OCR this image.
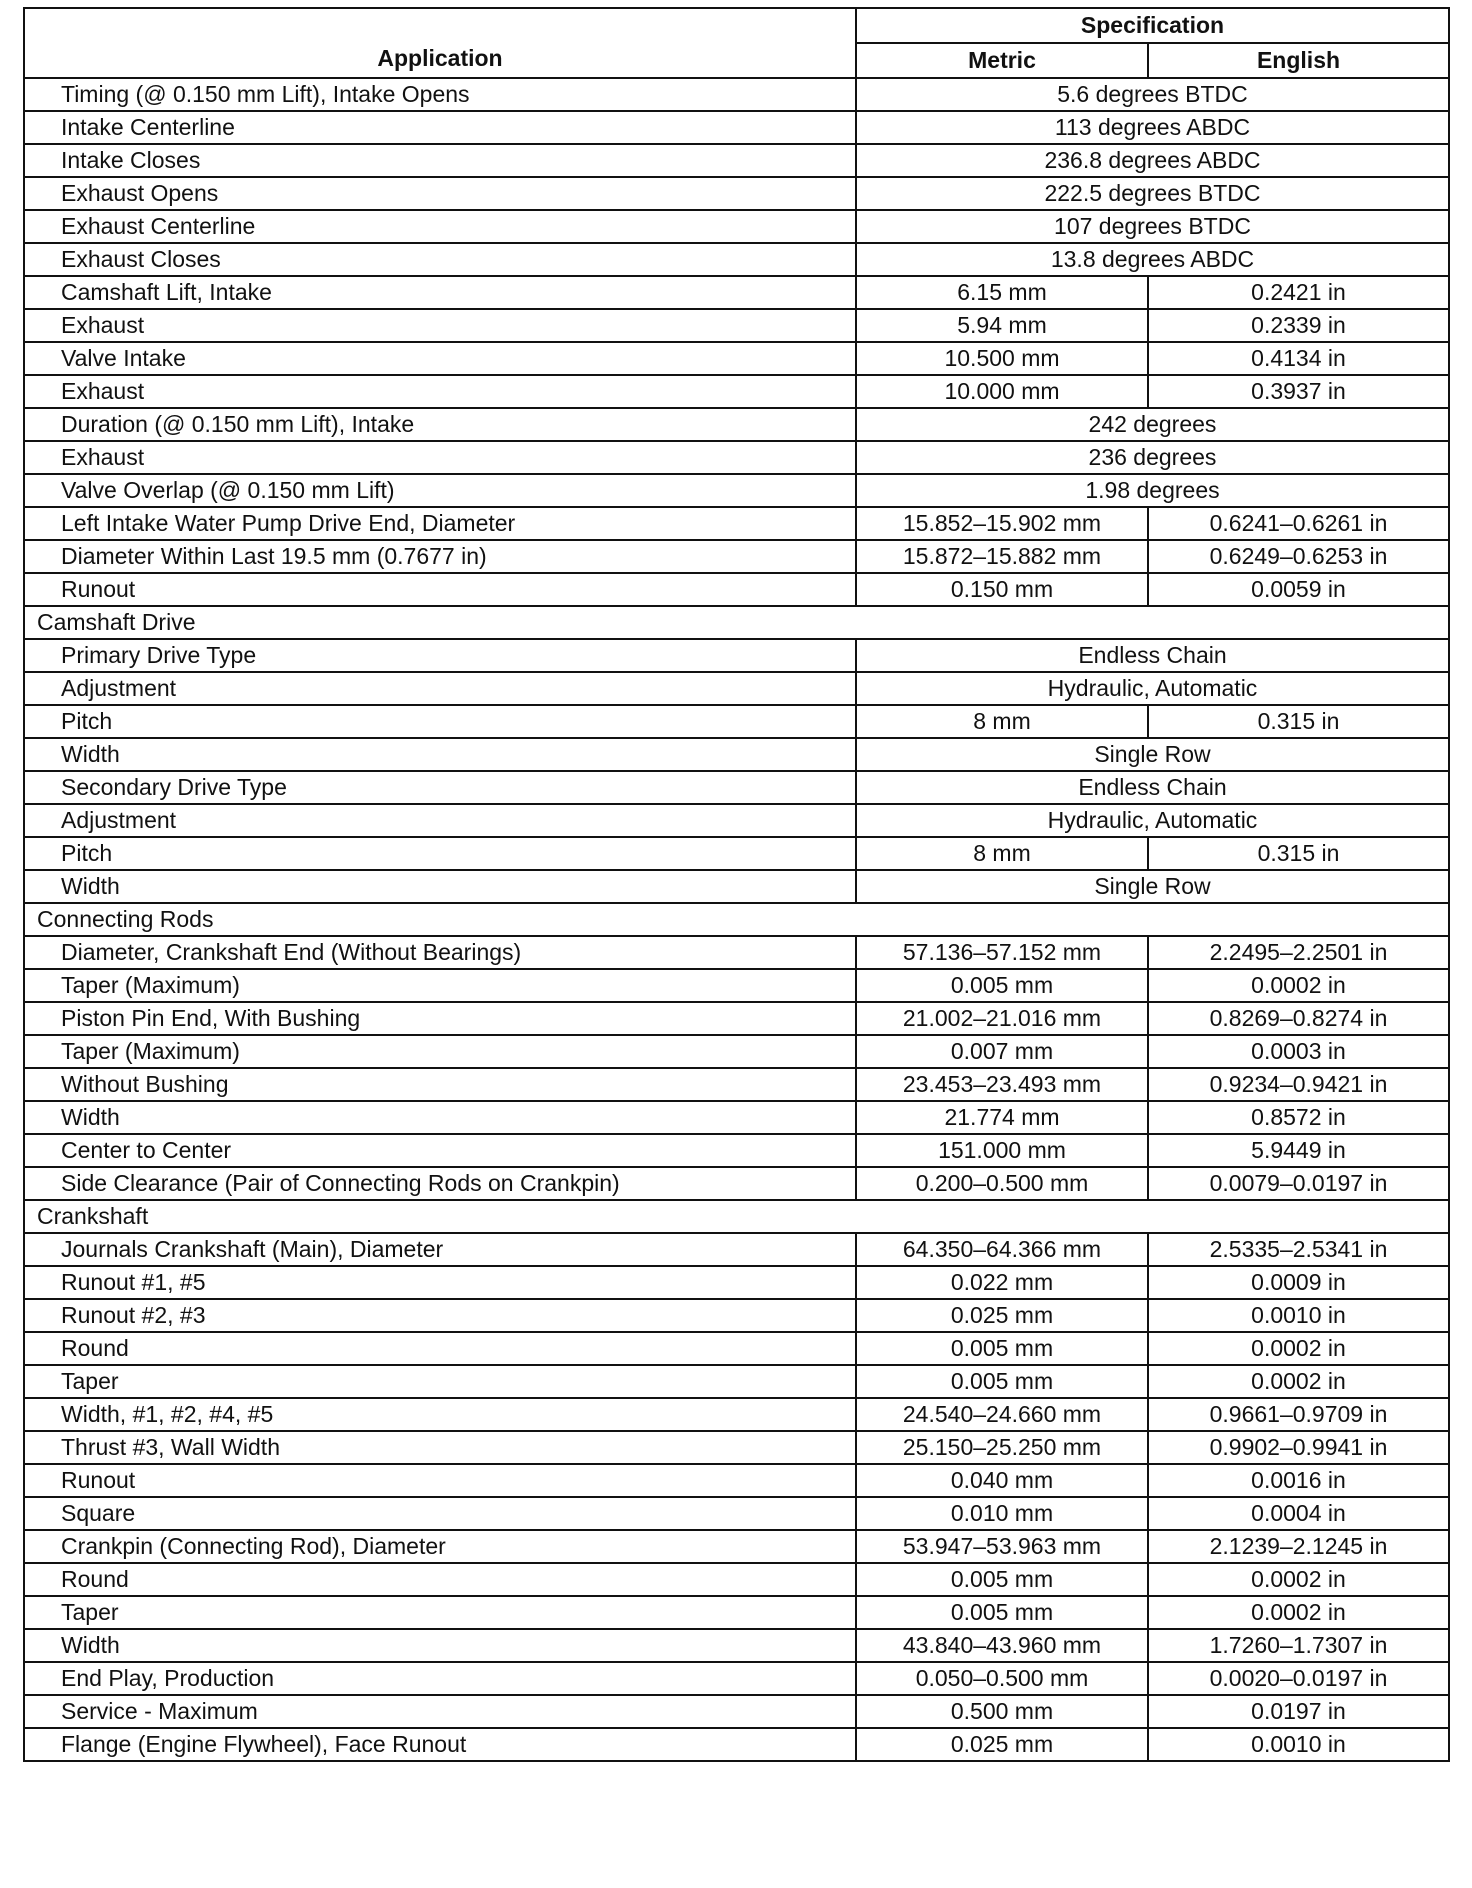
Application	Specification	
	Metric	English
Timing (@ 0.150 mm Lift), Intake Opens	5.6 degrees BTDC	
Intake Centerline	113 degrees ABDC	
Intake Closes	236.8 degrees ABDC	
Exhaust Opens	222.5 degrees BTDC	
Exhaust Centerline	107 degrees BTDC	
Exhaust Closes	13.8 degrees ABDC	
Camshaft Lift, Intake	6.15 mm	0.2421 in
Exhaust	5.94 mm	0.2339 in
Valve Intake	10.500 mm	0.4134 in
Exhaust	10.000 mm	0.3937 in
Duration (@ 0.150 mm Lift), Intake	242 degrees	
Exhaust	236 degrees	
Valve Overlap (@ 0.150 mm Lift)	1.98 degrees	
Left Intake Water Pump Drive End, Diameter	15.852–15.902 mm	0.6241–0.6261 in
Diameter Within Last 19.5 mm (0.7677 in)	15.872–15.882 mm	0.6249–0.6253 in
Runout	0.150 mm	0.0059 in
Camshaft Drive		
Primary Drive Type	Endless Chain	
Adjustment	Hydraulic, Automatic	
Pitch	8 mm	0.315 in
Width	Single Row	
Secondary Drive Type	Endless Chain	
Adjustment	Hydraulic, Automatic	
Pitch	8 mm	0.315 in
Width	Single Row	
Connecting Rods		
Diameter, Crankshaft End (Without Bearings)	57.136–57.152 mm	2.2495–2.2501 in
Taper (Maximum)	0.005 mm	0.0002 in
Piston Pin End, With Bushing	21.002–21.016 mm	0.8269–0.8274 in
Taper (Maximum)	0.007 mm	0.0003 in
Without Bushing	23.453–23.493 mm	0.9234–0.9421 in
Width	21.774 mm	0.8572 in
Center to Center	151.000 mm	5.9449 in
Side Clearance (Pair of Connecting Rods on Crankpin)	0.200–0.500 mm	0.0079–0.0197 in
Crankshaft		
Journals Crankshaft (Main), Diameter	64.350–64.366 mm	2.5335–2.5341 in
Runout #1, #5	0.022 mm	0.0009 in
Runout #2, #3	0.025 mm	0.0010 in
Round	0.005 mm	0.0002 in
Taper	0.005 mm	0.0002 in
Width, #1, #2, #4, #5	24.540–24.660 mm	0.9661–0.9709 in
Thrust #3, Wall Width	25.150–25.250 mm	0.9902–0.9941 in
Runout	0.040 mm	0.0016 in
Square	0.010 mm	0.0004 in
Crankpin (Connecting Rod), Diameter	53.947–53.963 mm	2.1239–2.1245 in
Round	0.005 mm	0.0002 in
Taper	0.005 mm	0.0002 in
Width	43.840–43.960 mm	1.7260–1.7307 in
End Play, Production	0.050–0.500 mm	0.0020–0.0197 in
Service - Maximum	0.500 mm	0.0197 in
Flange (Engine Flywheel), Face Runout	0.025 mm	0.0010 in
